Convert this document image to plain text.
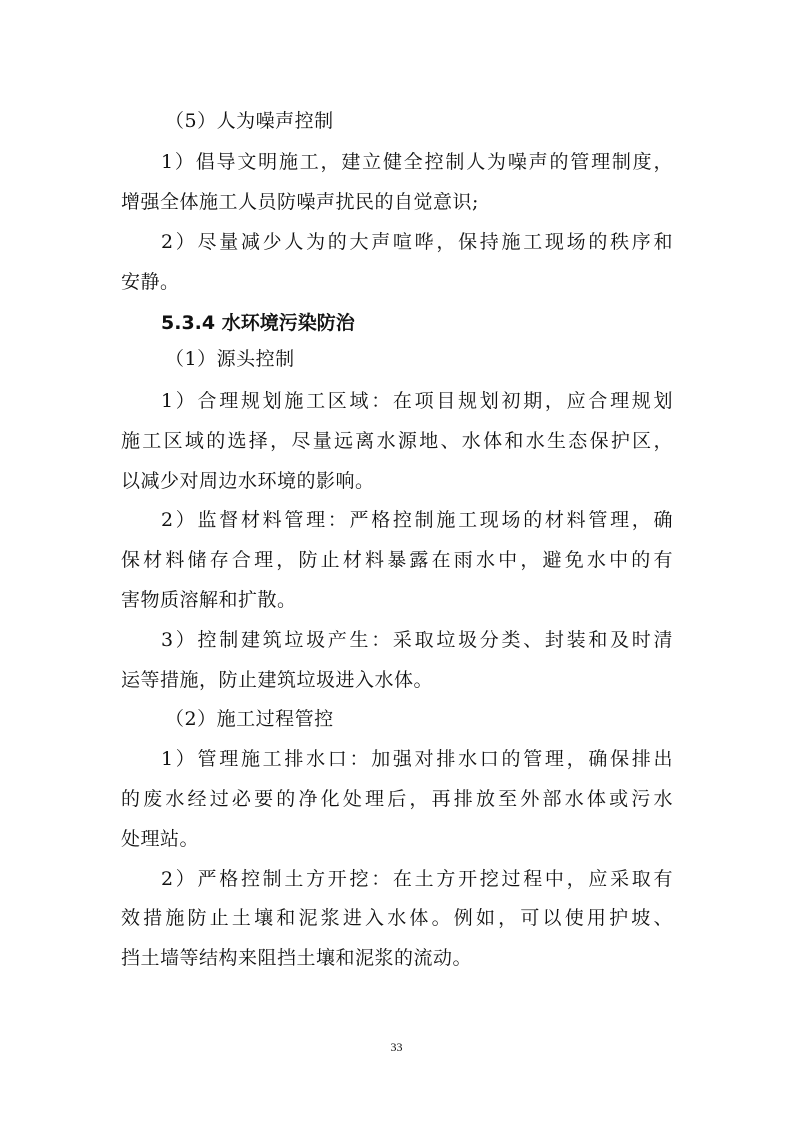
（5）人为噪声控制
1）倡导文明施工，建立健全控制人为噪声的管理制度，
增强全体施工人员防噪声扰民的自觉意识;
2）尽量减少人为的大声喧哗，保持施工现场的秩序和
安静。
5.3.4 水环境污染防治
（1）源头控制
1）合理规划施工区域：在项目规划初期，应合理规划
施工区域的选择，尽量远离水源地、水体和水生态保护区，
以减少对周边水环境的影响。
2）监督材料管理：严格控制施工现场的材料管理，确
保材料储存合理，防止材料暴露在雨水中，避免水中的有
害物质溶解和扩散。
3）控制建筑垃圾产生：采取垃圾分类、封装和及时清
运等措施，防止建筑垃圾进入水体。
（2）施工过程管控
1）管理施工排水口：加强对排水口的管理，确保排出
的废水经过必要的净化处理后，再排放至外部水体或污水
处理站。
2）严格控制土方开挖：在土方开挖过程中，应采取有
效措施防止土壤和泥浆进入水体。例如，可以使用护坡、
挡土墙等结构来阻挡土壤和泥浆的流动。
33
